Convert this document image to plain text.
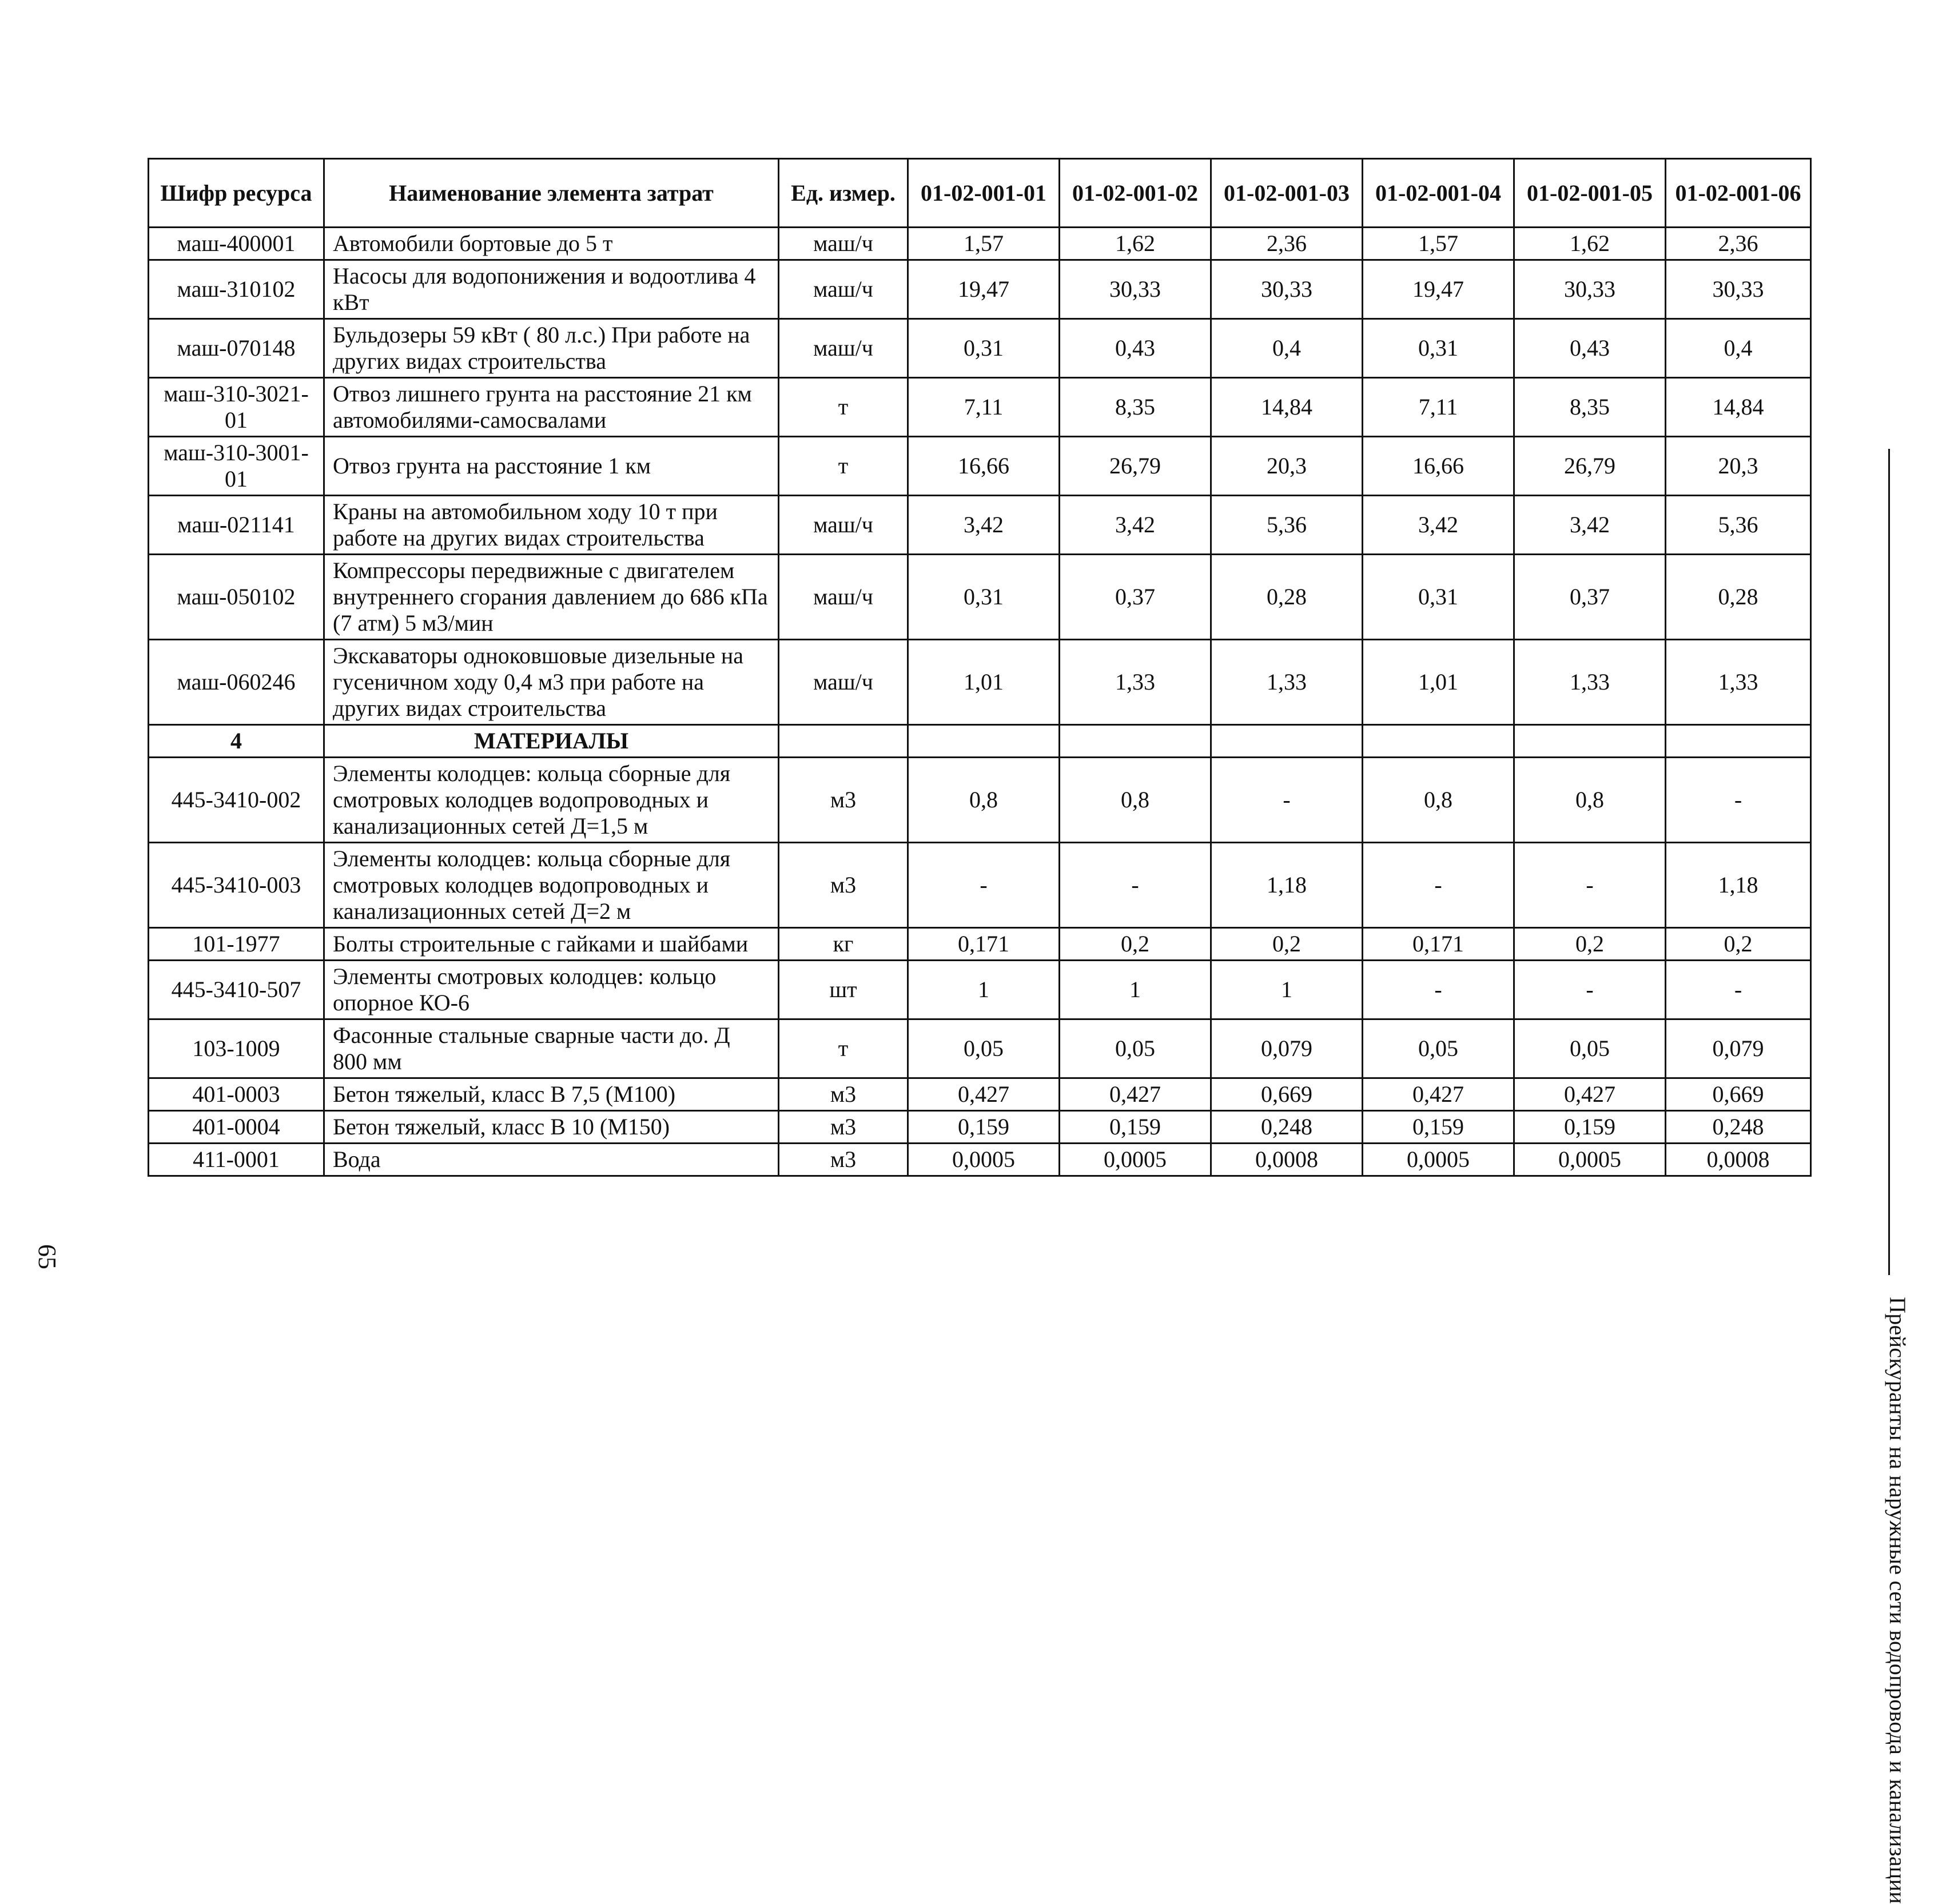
Шифр ресурса	Наименование элемента затрат	Ед. измер.	01-02-001-01	01-02-001-02	01-02-001-03	01-02-001-04	01-02-001-05	01-02-001-06
маш-400001	Автомобили бортовые до 5 т	маш/ч	1,57	1,62	2,36	1,57	1,62	2,36
маш-310102	Насосы для водопонижения и водоотлива 4 кВт	маш/ч	19,47	30,33	30,33	19,47	30,33	30,33
маш-070148	Бульдозеры 59 кВт ( 80 л.с.) При работе на других видах строительства	маш/ч	0,31	0,43	0,4	0,31	0,43	0,4
маш-310-3021-01	Отвоз лишнего грунта на расстояние 21 км автомобилями-самосвалами	т	7,11	8,35	14,84	7,11	8,35	14,84
маш-310-3001-01	Отвоз грунта на расстояние 1 км	т	16,66	26,79	20,3	16,66	26,79	20,3
маш-021141	Краны на автомобильном ходу 10 т при работе на других видах строительства	маш/ч	3,42	3,42	5,36	3,42	3,42	5,36
маш-050102	Компрессоры передвижные с двигателем внутреннего сгорания давлением до 686 кПа (7 атм) 5 м3/мин	маш/ч	0,31	0,37	0,28	0,31	0,37	0,28
маш-060246	Экскаваторы одноковшовые дизельные на гусеничном ходу 0,4 м3 при работе на других видах строительства	маш/ч	1,01	1,33	1,33	1,01	1,33	1,33
4	МАТЕРИАЛЫ							
445-3410-002	Элементы колодцев: кольца сборные для смотровых колодцев водопроводных и канализационных сетей Д=1,5 м	м3	0,8	0,8	-	0,8	0,8	-
445-3410-003	Элементы колодцев: кольца сборные для смотровых колодцев водопроводных и канализационных сетей Д=2 м	м3	-	-	1,18	-	-	1,18
101-1977	Болты строительные с гайками и шайбами	кг	0,171	0,2	0,2	0,171	0,2	0,2
445-3410-507	Элементы смотровых колодцев: кольцо опорное КО-6	шт	1	1	1	-	-	-
103-1009	Фасонные стальные сварные части до. Д 800 мм	т	0,05	0,05	0,079	0,05	0,05	0,079
401-0003	Бетон тяжелый, класс В 7,5 (М100)	м3	0,427	0,427	0,669	0,427	0,427	0,669
401-0004	Бетон тяжелый, класс В 10 (М150)	м3	0,159	0,159	0,248	0,159	0,159	0,248
411-0001	Вода	м3	0,0005	0,0005	0,0008	0,0005	0,0005	0,0008
Прейскуранты на наружные сети водопровода и канализации
65
